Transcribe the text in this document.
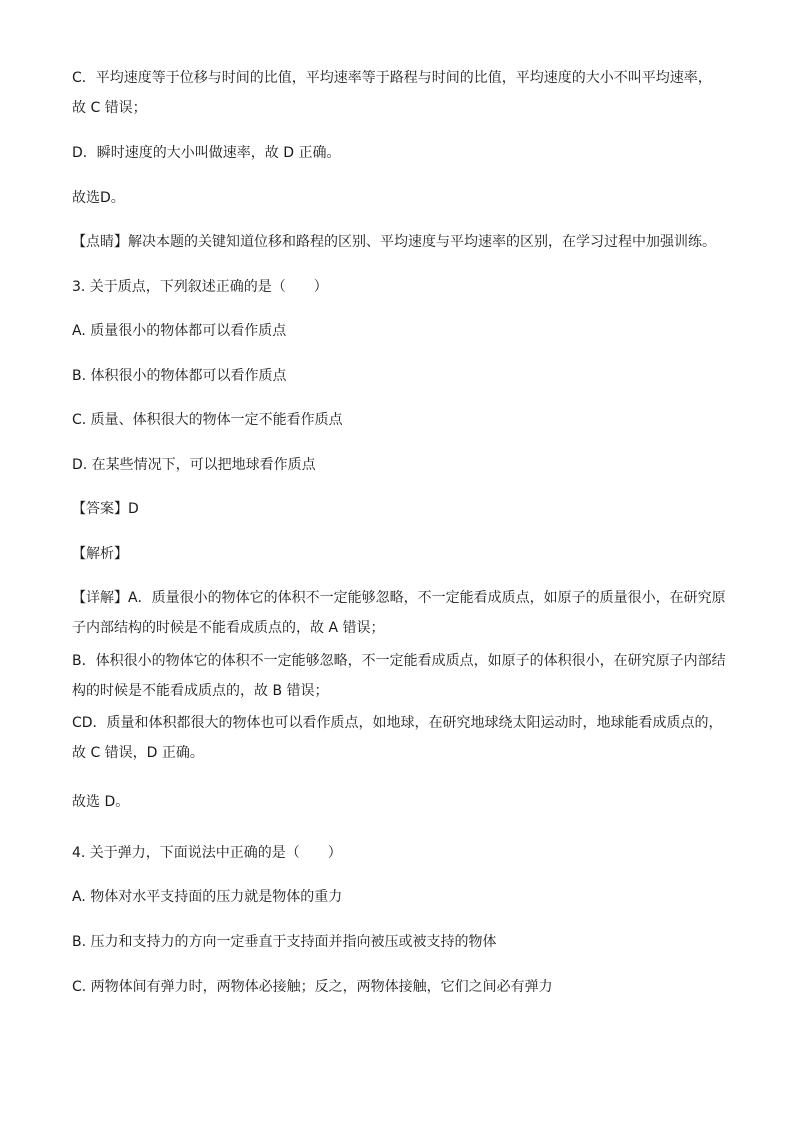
C．平均速度等于位移与时间的比值，平均速率等于路程与时间的比值，平均速度的大小不叫平均速率，
故 C 错误；
D．瞬时速度的大小叫做速率，故 D 正确。
故选D。
【点睛】解决本题的关键知道位移和路程的区别、平均速度与平均速率的区别，在学习过程中加强训练。
3. 关于质点，下列叙述正确的是（　　）
A. 质量很小的物体都可以看作质点
B. 体积很小的物体都可以看作质点
C. 质量、体积很大的物体一定不能看作质点
D. 在某些情况下，可以把地球看作质点
【答案】D
【解析】
【详解】A．质量很小的物体它的体积不一定能够忽略，不一定能看成质点，如原子的质量很小，在研究原
子内部结构的时候是不能看成质点的，故 A 错误；
B．体积很小的物体它的体积不一定能够忽略，不一定能看成质点，如原子的体积很小，在研究原子内部结
构的时候是不能看成质点的，故 B 错误；
CD．质量和体积都很大的物体也可以看作质点，如地球，在研究地球绕太阳运动时，地球能看成质点的，
故 C 错误，D 正确。
故选 D。
4. 关于弹力，下面说法中正确的是（　　）
A. 物体对水平支持面的压力就是物体的重力
B. 压力和支持力的方向一定垂直于支持面并指向被压或被支持的物体
C. 两物体间有弹力时，两物体必接触；反之，两物体接触，它们之间必有弹力
